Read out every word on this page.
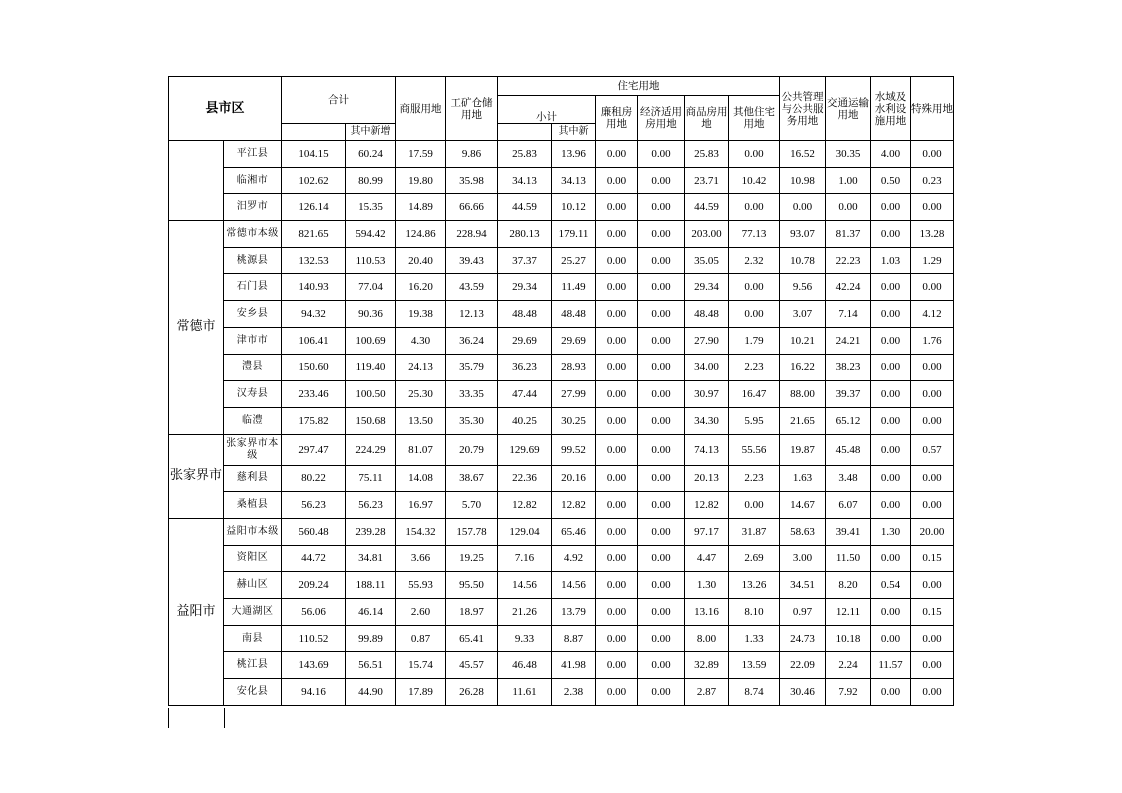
县市区		合计		商服用地	工矿仓储用地	住宅用地						公共管理与公共服务用地	交通运输用地	水域及水利设施用地	特殊用地
						小计		廉租房用地	经济适用房用地	商品房用地	其他住宅用地				
			其中新增				其中新								
	平江县	104.15	60.24	17.59	9.86	25.83	13.96	0.00	0.00	25.83	0.00	16.52	30.35	4.00	0.00
	临湘市	102.62	80.99	19.80	35.98	34.13	34.13	0.00	0.00	23.71	10.42	10.98	1.00	0.50	0.23
	汨罗市	126.14	15.35	14.89	66.66	44.59	10.12	0.00	0.00	44.59	0.00	0.00	0.00	0.00	0.00
常德市	常德市本级	821.65	594.42	124.86	228.94	280.13	179.11	0.00	0.00	203.00	77.13	93.07	81.37	0.00	13.28
	桃源县	132.53	110.53	20.40	39.43	37.37	25.27	0.00	0.00	35.05	2.32	10.78	22.23	1.03	1.29
	石门县	140.93	77.04	16.20	43.59	29.34	11.49	0.00	0.00	29.34	0.00	9.56	42.24	0.00	0.00
	安乡县	94.32	90.36	19.38	12.13	48.48	48.48	0.00	0.00	48.48	0.00	3.07	7.14	0.00	4.12
	津市市	106.41	100.69	4.30	36.24	29.69	29.69	0.00	0.00	27.90	1.79	10.21	24.21	0.00	1.76
	澧县	150.60	119.40	24.13	35.79	36.23	28.93	0.00	0.00	34.00	2.23	16.22	38.23	0.00	0.00
	汉寿县	233.46	100.50	25.30	33.35	47.44	27.99	0.00	0.00	30.97	16.47	88.00	39.37	0.00	0.00
	临澧	175.82	150.68	13.50	35.30	40.25	30.25	0.00	0.00	34.30	5.95	21.65	65.12	0.00	0.00
张家界市	张家界市本级	297.47	224.29	81.07	20.79	129.69	99.52	0.00	0.00	74.13	55.56	19.87	45.48	0.00	0.57
	慈利县	80.22	75.11	14.08	38.67	22.36	20.16	0.00	0.00	20.13	2.23	1.63	3.48	0.00	0.00
	桑植县	56.23	56.23	16.97	5.70	12.82	12.82	0.00	0.00	12.82	0.00	14.67	6.07	0.00	0.00
益阳市	益阳市本级	560.48	239.28	154.32	157.78	129.04	65.46	0.00	0.00	97.17	31.87	58.63	39.41	1.30	20.00
	资阳区	44.72	34.81	3.66	19.25	7.16	4.92	0.00	0.00	4.47	2.69	3.00	11.50	0.00	0.15
	赫山区	209.24	188.11	55.93	95.50	14.56	14.56	0.00	0.00	1.30	13.26	34.51	8.20	0.54	0.00
	大通湖区	56.06	46.14	2.60	18.97	21.26	13.79	0.00	0.00	13.16	8.10	0.97	12.11	0.00	0.15
	南县	110.52	99.89	0.87	65.41	9.33	8.87	0.00	0.00	8.00	1.33	24.73	10.18	0.00	0.00
	桃江县	143.69	56.51	15.74	45.57	46.48	41.98	0.00	0.00	32.89	13.59	22.09	2.24	11.57	0.00
	安化县	94.16	44.90	17.89	26.28	11.61	2.38	0.00	0.00	2.87	8.74	30.46	7.92	0.00	0.00
